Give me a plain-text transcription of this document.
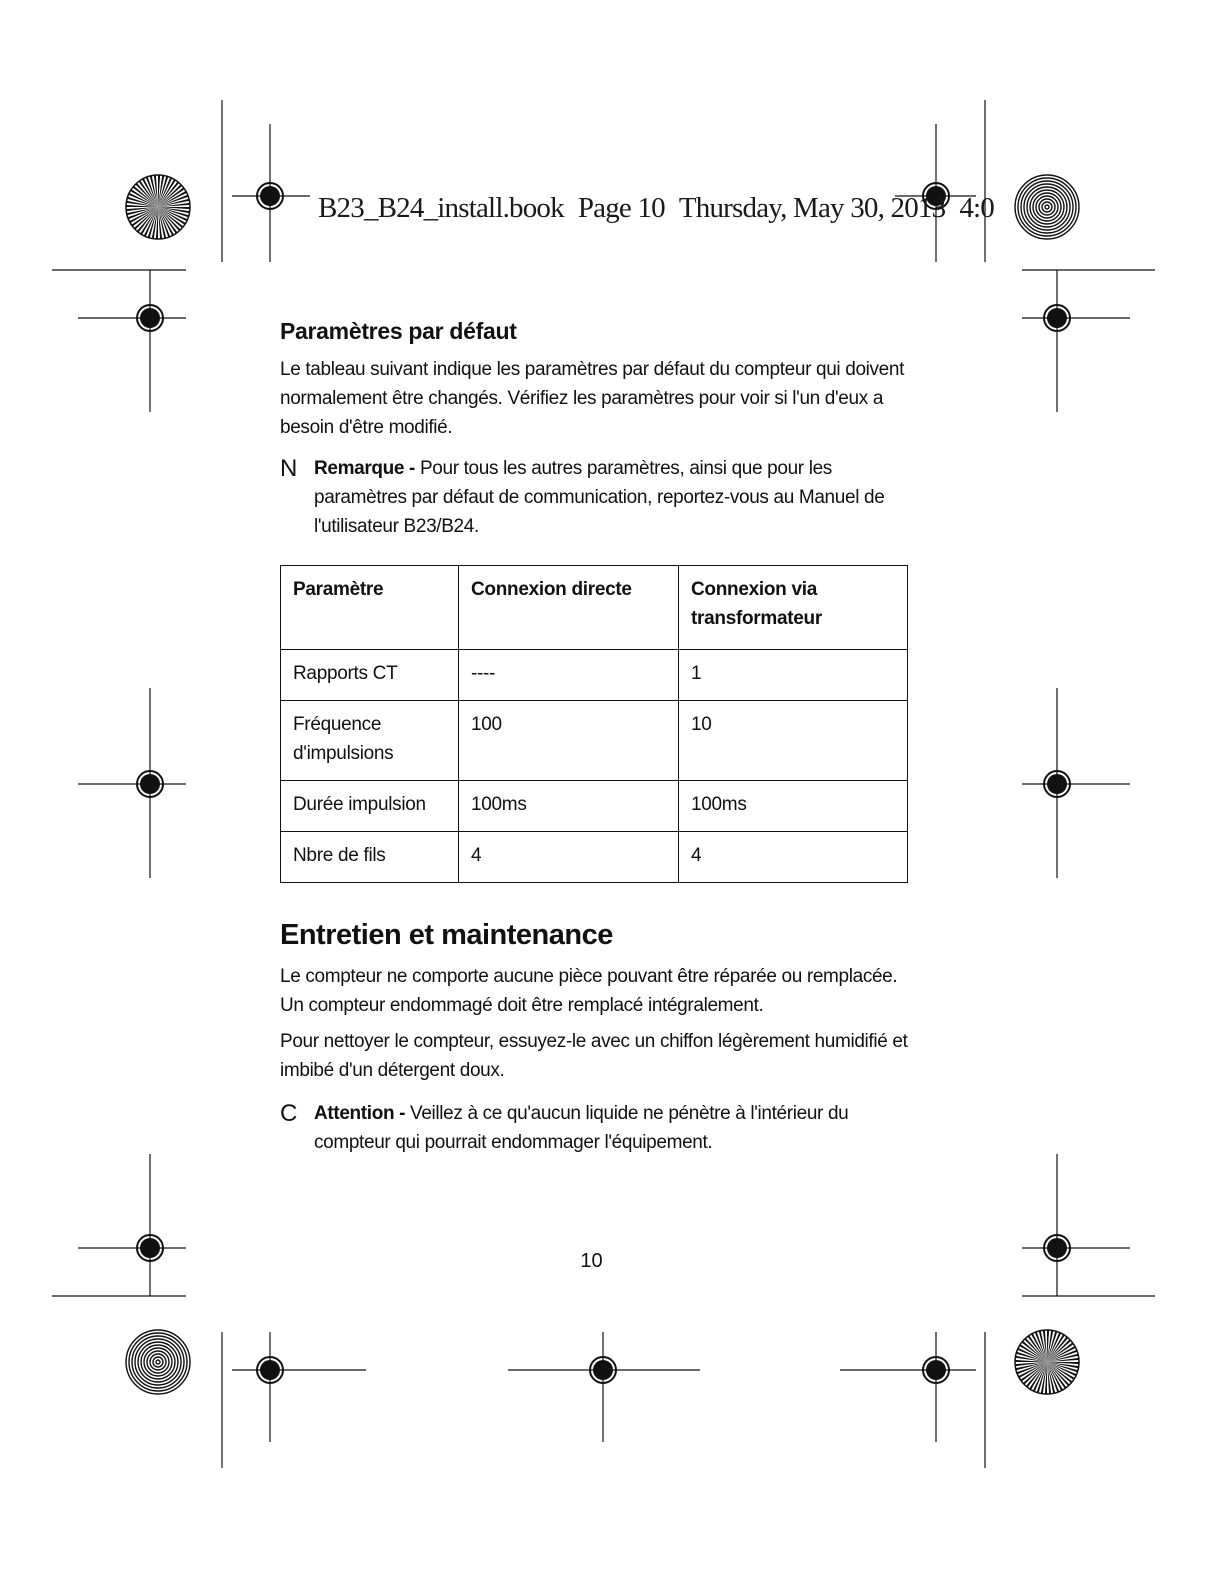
B23_B24_install.book Page 10 Thursday, May 30, 2013 4:0
Paramètres par défaut

Le tableau suivant indique les paramètres par défaut du compteur qui doivent normalement être changés. Vérifiez les paramètres pour voir si l'un d'eux a besoin d'être modifié.

N Remarque - Pour tous les autres paramètres, ainsi que pour les paramètres par défaut de communication, reportez-vous au Manuel de l'utilisateur B23/B24.
Paramètre	Connexion directe	Connexion via transformateur
Rapports CT	----	1
Fréquence d'impulsions	100	10
Durée impulsion	100ms	100ms
Nbre de fils	4	4
Entretien et maintenance

Le compteur ne comporte aucune pièce pouvant être réparée ou remplacée. Un compteur endommagé doit être remplacé intégralement.

Pour nettoyer le compteur, essuyez-le avec un chiffon légèrement humidifié et imbibé d'un détergent doux.

C Attention - Veillez à ce qu'aucun liquide ne pénètre à l'intérieur du compteur qui pourrait endommager l'équipement.
10
